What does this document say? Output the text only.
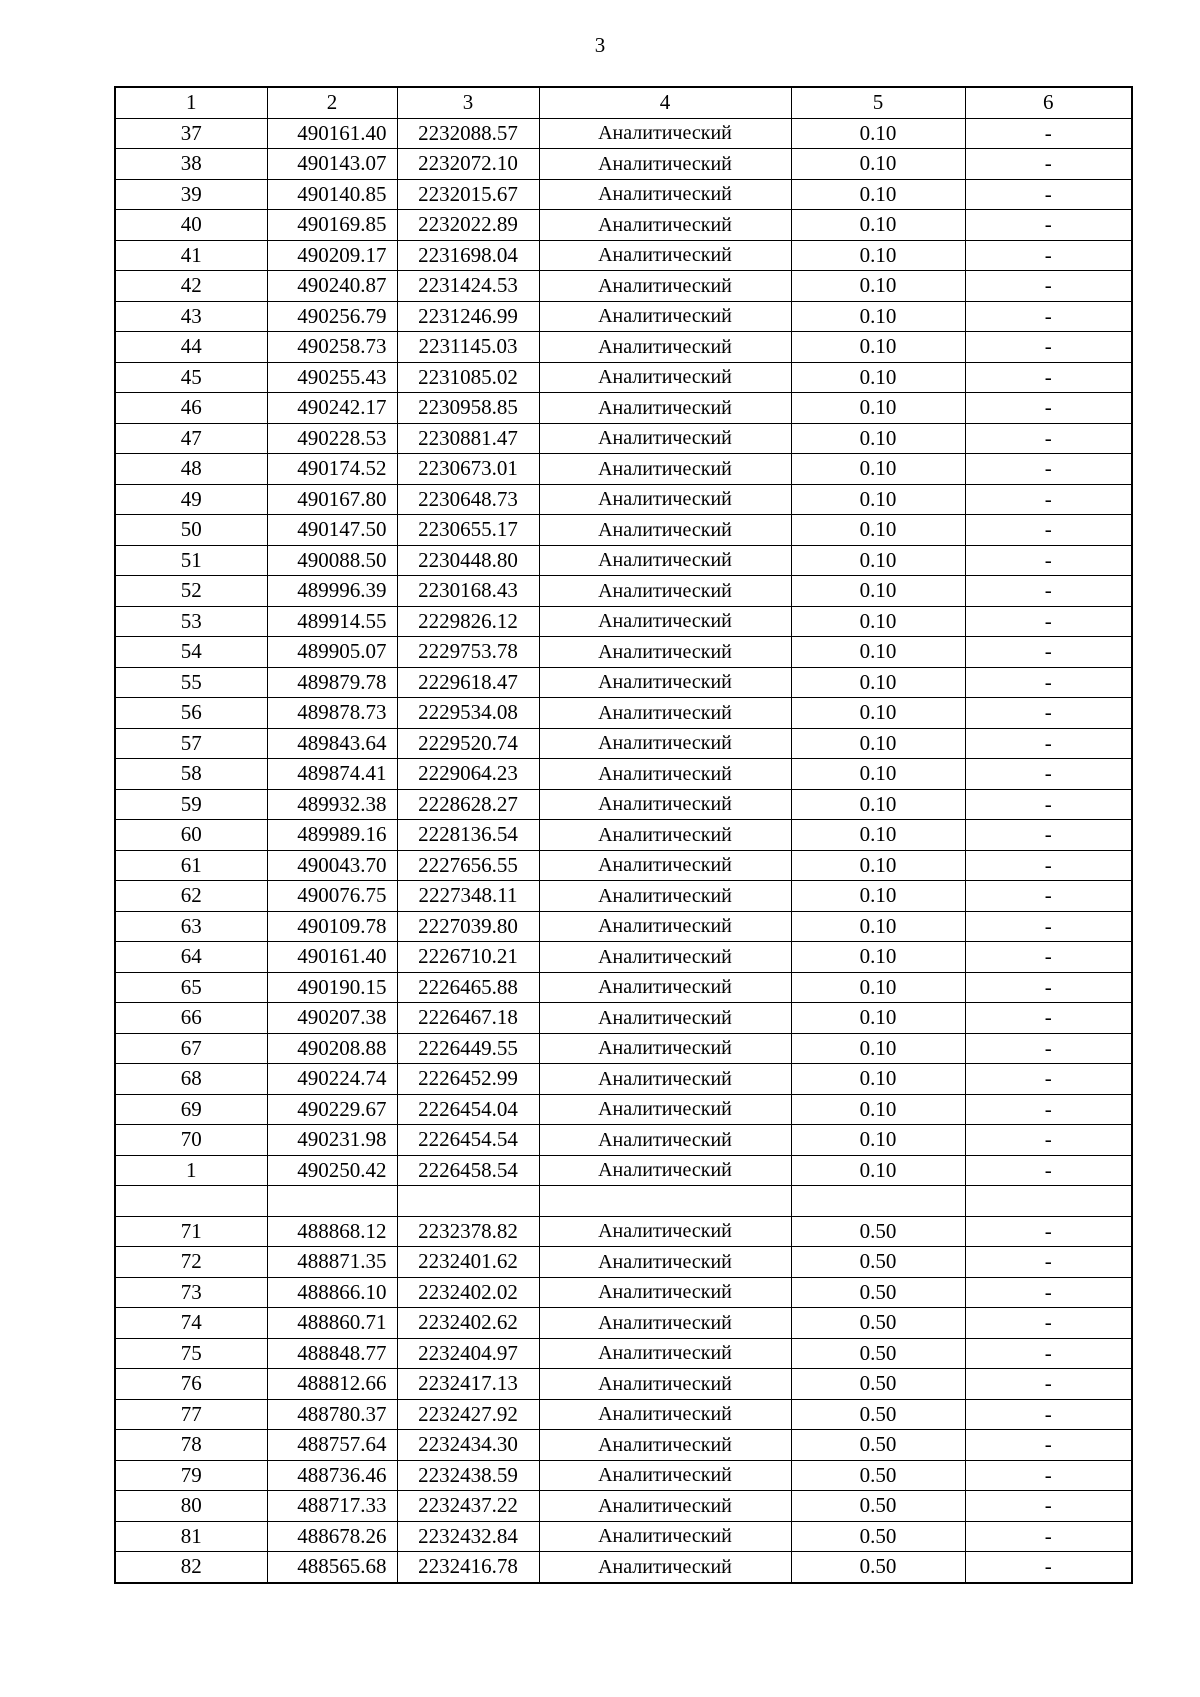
3
1	2	3	4	5	6
37	490161.40	2232088.57	Аналитический	0.10	-
38	490143.07	2232072.10	Аналитический	0.10	-
39	490140.85	2232015.67	Аналитический	0.10	-
40	490169.85	2232022.89	Аналитический	0.10	-
41	490209.17	2231698.04	Аналитический	0.10	-
42	490240.87	2231424.53	Аналитический	0.10	-
43	490256.79	2231246.99	Аналитический	0.10	-
44	490258.73	2231145.03	Аналитический	0.10	-
45	490255.43	2231085.02	Аналитический	0.10	-
46	490242.17	2230958.85	Аналитический	0.10	-
47	490228.53	2230881.47	Аналитический	0.10	-
48	490174.52	2230673.01	Аналитический	0.10	-
49	490167.80	2230648.73	Аналитический	0.10	-
50	490147.50	2230655.17	Аналитический	0.10	-
51	490088.50	2230448.80	Аналитический	0.10	-
52	489996.39	2230168.43	Аналитический	0.10	-
53	489914.55	2229826.12	Аналитический	0.10	-
54	489905.07	2229753.78	Аналитический	0.10	-
55	489879.78	2229618.47	Аналитический	0.10	-
56	489878.73	2229534.08	Аналитический	0.10	-
57	489843.64	2229520.74	Аналитический	0.10	-
58	489874.41	2229064.23	Аналитический	0.10	-
59	489932.38	2228628.27	Аналитический	0.10	-
60	489989.16	2228136.54	Аналитический	0.10	-
61	490043.70	2227656.55	Аналитический	0.10	-
62	490076.75	2227348.11	Аналитический	0.10	-
63	490109.78	2227039.80	Аналитический	0.10	-
64	490161.40	2226710.21	Аналитический	0.10	-
65	490190.15	2226465.88	Аналитический	0.10	-
66	490207.38	2226467.18	Аналитический	0.10	-
67	490208.88	2226449.55	Аналитический	0.10	-
68	490224.74	2226452.99	Аналитический	0.10	-
69	490229.67	2226454.04	Аналитический	0.10	-
70	490231.98	2226454.54	Аналитический	0.10	-
1	490250.42	2226458.54	Аналитический	0.10	-

71	488868.12	2232378.82	Аналитический	0.50	-
72	488871.35	2232401.62	Аналитический	0.50	-
73	488866.10	2232402.02	Аналитический	0.50	-
74	488860.71	2232402.62	Аналитический	0.50	-
75	488848.77	2232404.97	Аналитический	0.50	-
76	488812.66	2232417.13	Аналитический	0.50	-
77	488780.37	2232427.92	Аналитический	0.50	-
78	488757.64	2232434.30	Аналитический	0.50	-
79	488736.46	2232438.59	Аналитический	0.50	-
80	488717.33	2232437.22	Аналитический	0.50	-
81	488678.26	2232432.84	Аналитический	0.50	-
82	488565.68	2232416.78	Аналитический	0.50	-
